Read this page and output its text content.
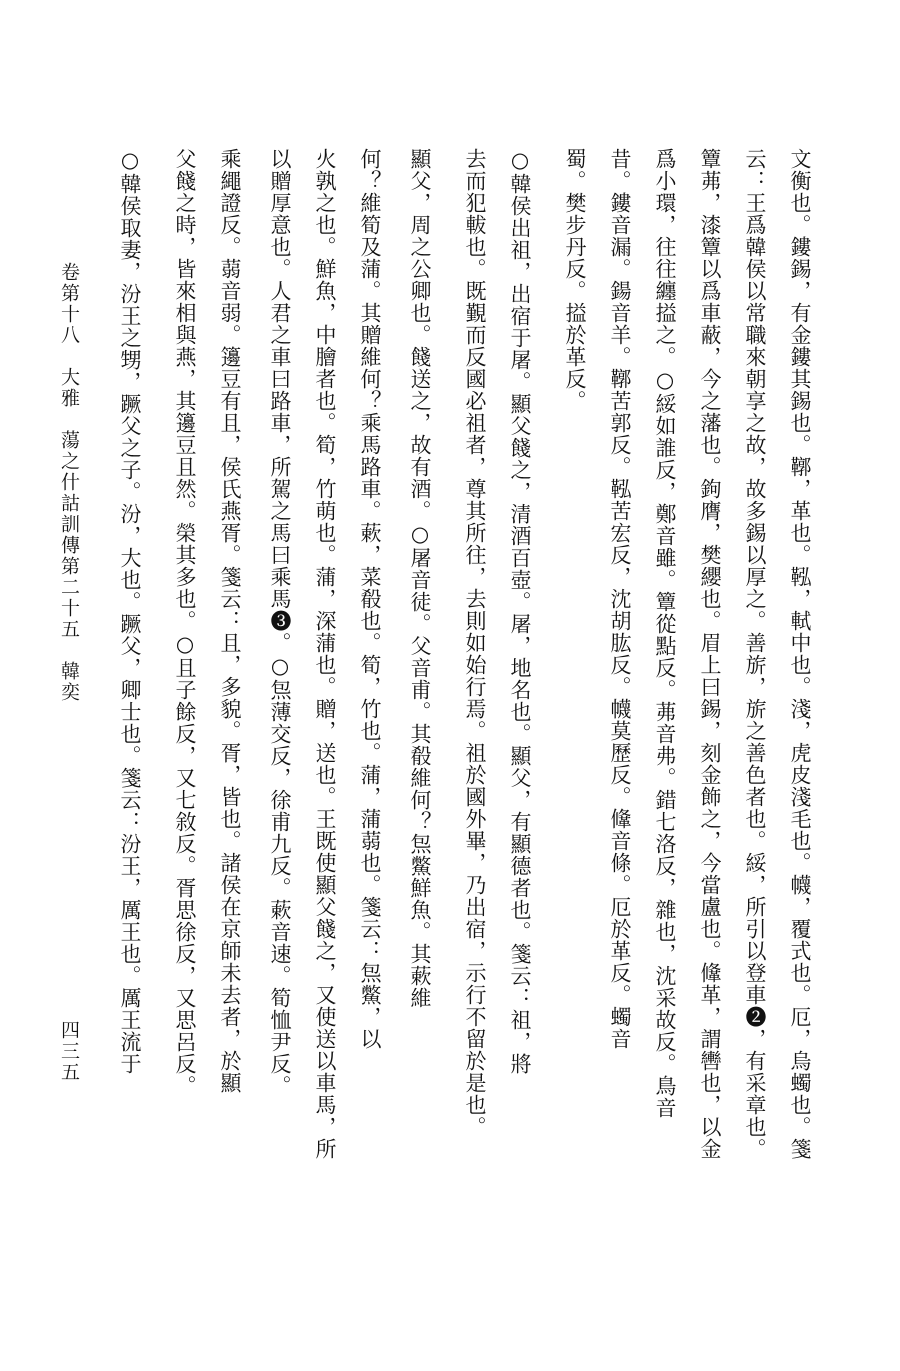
卷第十八　大雅　蕩之什詁訓傳第二十五　韓奕
四三五	文衡也。鏤錫，有金鏤其錫也。鞹，革也。鞃，軾中也。淺，虎皮淺毛也。幭，覆式也。厄，烏蠋也。箋
云：王爲韓侯以常職來朝享之故，故多錫以厚之。善旂，旂之善色者也。綏，所引以登車❷，有采章也。
簟茀，漆簟以爲車蔽，今之藩也。鉤膺，樊纓也。眉上曰錫，刻金飾之，今當盧也。鞗革，謂轡也，以金
爲小環，往往纏搤之。○綏如誰反，鄭音雖。簟從點反。茀音弗。錯七洛反，雜也，沈采故反。鳥音
昔。鏤音漏。鍚音羊。鞹苦郭反。鞃苦宏反，沈胡肱反。幭莫歷反。鞗音條。厄於革反。蠋音
蜀。樊步丹反。搤於革反。
○韓侯出祖，出宿于屠。顯父餞之，清酒百壺。屠，地名也。顯父，有顯德者也。箋云：祖，將
去而犯軷也。既覲而反國必祖者，尊其所往，去則如始行焉。祖於國外畢，乃出宿，示行不留於是也。
顯父，周之公卿也。餞送之，故有酒。○屠音徒。父音甫。其殽維何？炰鱉鮮魚。其蔌維
何？維筍及蒲。其贈維何？乘馬路車。蔌，菜殽也。筍，竹也。蒲，蒲蒻也。箋云：炰鱉，以
火孰之也。鮮魚，中膾者也。筍，竹萌也。蒲，深蒲也。贈，送也。王既使顯父餞之，又使送以車馬，所
以贈厚意也。人君之車曰路車，所駕之馬曰乘馬❸。○炰薄交反，徐甫九反。蔌音速。筍恤尹反。
乘繩證反。蒻音弱。籩豆有且，侯氏燕胥。箋云：且，多貌。胥，皆也。諸侯在京師未去者，於顯
父餞之時，皆來相與燕，其籩豆且然。榮其多也。○且子餘反，又七敘反。胥思徐反，又思呂反。
○韓侯取妻，汾王之甥，蹶父之子。汾，大也。蹶父，卿士也。箋云：汾王，厲王也。厲王流于
